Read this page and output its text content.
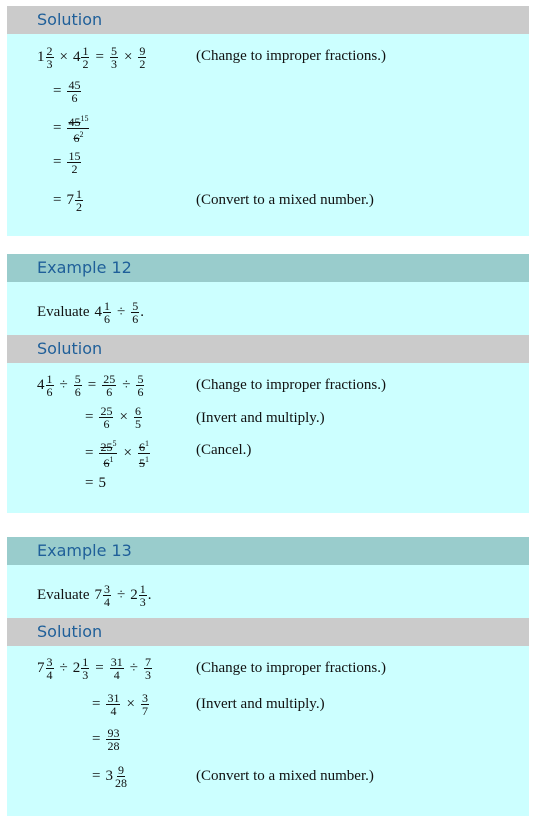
Solution
$1 \frac{2}{3} \times 4 \frac{1}{2} = \frac{5}{3} \times \frac{9}{2}$	(Change to improper fractions.)
= $\frac{45}{6}$
= $\frac{45^{15}}{6^2}$
= $\frac{15}{2}$
= $7 \frac{1}{2}$	(Convert to a mixed number.)
Example 12
Evaluate $4 \frac{1}{6} \div \frac{5}{6}$ .
Solution
$4 \frac{1}{6} \div \frac{5}{6} = \frac{25}{6} \div \frac{5}{6}$	(Change to improper fractions.)
= $\frac{25}{6} \times \frac{6}{5}$	(Invert and multiply.)
= $\frac{25^5}{6^1} \times \frac{6^1}{5^1}$	(Cancel.)
= 5
Example 13
Evaluate $7 \frac{3}{4} \div 2 \frac{1}{3}$ .
Solution
$7 \frac{3}{4} \div 2 \frac{1}{3} = \frac{31}{4} \div \frac{7}{3}$	(Change to improper fractions.)
= $\frac{31}{4} \times \frac{3}{7}$	(Invert and multiply.)
= $\frac{93}{28}$
= $3 \frac{9}{28}$	(Convert to a mixed number.)
